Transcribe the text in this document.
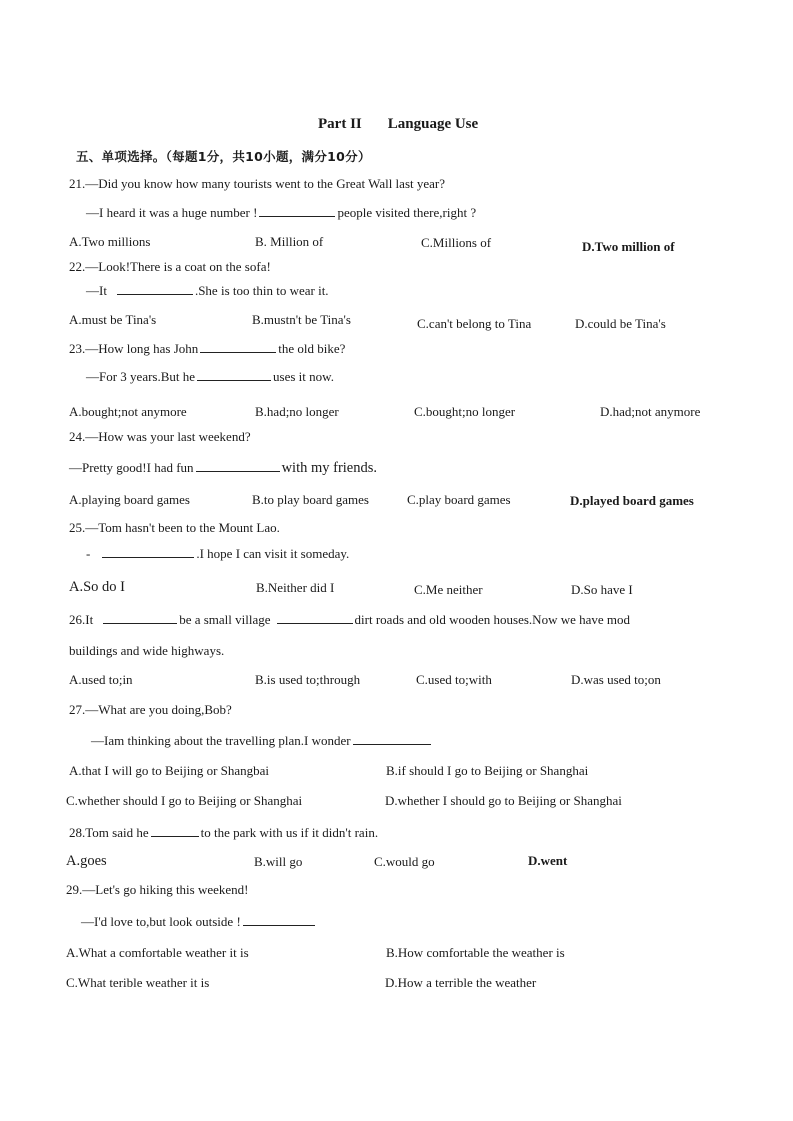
Part II Language Use
五、单项选择。（每题1分，共10小题，满分10分）
21.—Did you know how many tourists went to the Great Wall last year?
—I heard it was a huge number !	people visited there,right ?
A.Two millions	B. Million of	C.Millions of	D.Two million of
22.—Look!There is a coat on the sofa!
—It	.She is too thin to wear it.
A.must be Tina's	B.mustn't be Tina's	C.can't belong to Tina	D.could be Tina's
23.—How long has John	the old bike?
—For 3 years.But he	uses it now.
A.bought;not anymore	B.had;no longer	C.bought;no longer	D.had;not anymore
24.—How was your last weekend?
—Pretty good!I had fun	with my friends.
A.playing board games	B.to play board games	C.play board games	D.played board games
25.—Tom hasn't been to the Mount Lao.
-	.I hope I can visit it someday.
A.So do I	B.Neither did I	C.Me neither	D.So have I
26.It	be a small village	dirt roads and old wooden houses.Now we have mod
buildings and wide highways.
A.used to;in	B.is used to;through	C.used to;with	D.was used to;on
27.—What are you doing,Bob?
—Iam thinking about the travelling plan.I wonder
A.that I will go to Beijing or Shangbai	B.if should I go to Beijing or Shanghai
C.whether should I go to Beijing or Shanghai	D.whether I should go to Beijing or Shanghai
28.Tom said he	to the park with us if it didn't rain.
A.goes	B.will go	C.would go	D.went
29.—Let's go hiking this weekend!
—I'd love to,but look outside !
A.What a comfortable weather it is	B.How comfortable the weather is
C.What terible weather it is	D.How a terrible the weather
